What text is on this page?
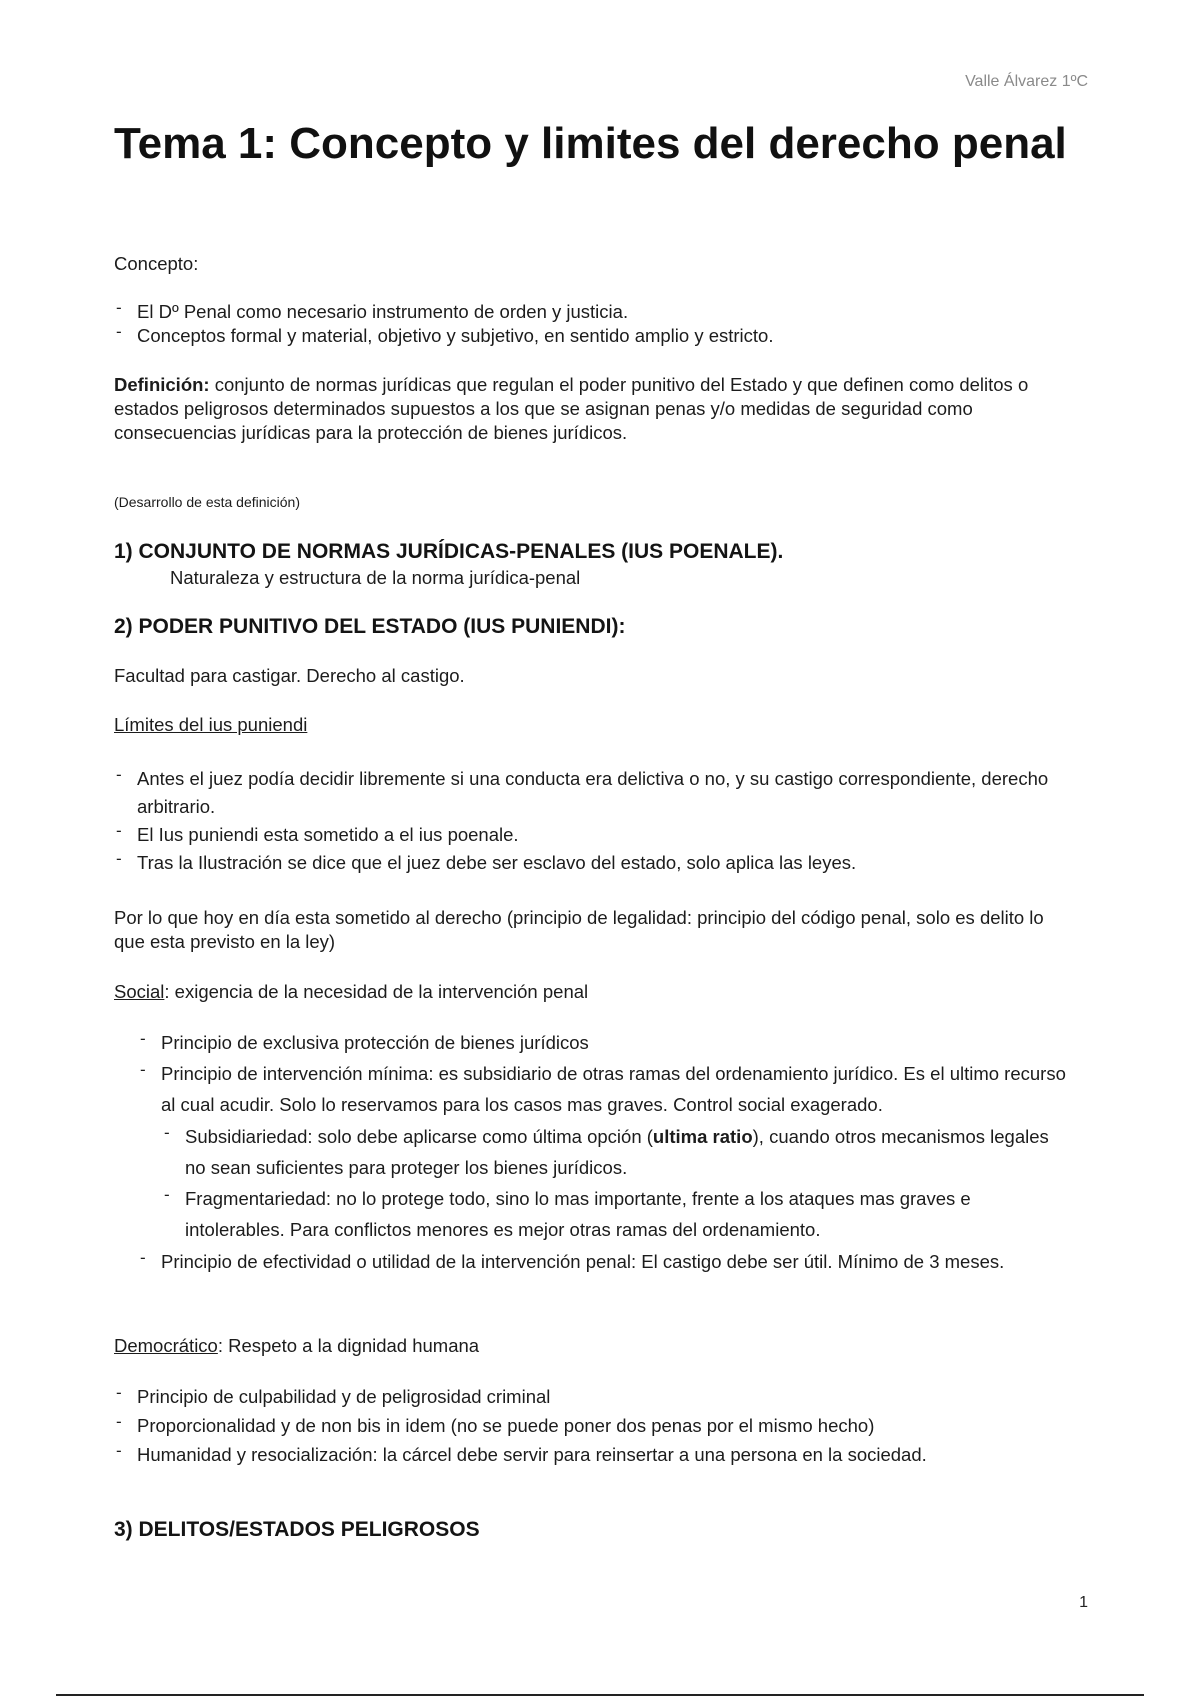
Valle Álvarez 1ºC
Tema 1: Concepto y limites del derecho penal
Concepto:
- El Dº Penal como necesario instrumento de orden y justicia.
- Conceptos formal y material, objetivo y subjetivo, en sentido amplio y estricto.

Definición: conjunto de normas jurídicas que regulan el poder punitivo del Estado y que definen como delitos o estados peligrosos determinados supuestos a los que se asignan penas y/o medidas de seguridad como consecuencias jurídicas para la protección de bienes jurídicos.

(Desarrollo de esta definición)
1) CONJUNTO DE NORMAS JURÍDICAS-PENALES (IUS POENALE).
Naturaleza y estructura de la norma jurídica-penal
2) PODER PUNITIVO DEL ESTADO (IUS PUNIENDI):
Facultad para castigar. Derecho al castigo.
Límites del ius puniendi
- Antes el juez podía decidir libremente si una conducta era delictiva o no, y su castigo correspondiente, derecho arbitrario.
- El Ius puniendi esta sometido a el ius poenale.
- Tras la Ilustración se dice que el juez debe ser esclavo del estado, solo aplica las leyes.

Por lo que hoy en día esta sometido al derecho (principio de legalidad: principio del código penal, solo es delito lo que esta previsto en la ley)

Social: exigencia de la necesidad de la intervención penal
- Principio de exclusiva protección de bienes jurídicos
- Principio de intervención mínima: es subsidiario de otras ramas del ordenamiento jurídico. Es el ultimo recurso al cual acudir. Solo lo reservamos para los casos mas graves. Control social exagerado.
- Subsidiariedad: solo debe aplicarse como última opción (ultima ratio), cuando otros mecanismos legales no sean suficientes para proteger los bienes jurídicos.
- Fragmentariedad: no lo protege todo, sino lo mas importante, frente a los ataques mas graves e intolerables. Para conflictos menores es mejor otras ramas del ordenamiento.
- Principio de efectividad o utilidad de la intervención penal: El castigo debe ser útil. Mínimo de 3 meses.
Democrático: Respeto a la dignidad humana
- Principio de culpabilidad y de peligrosidad criminal
- Proporcionalidad y de non bis in idem (no se puede poner dos penas por el mismo hecho)
- Humanidad y resocialización: la cárcel debe servir para reinsertar a una persona en la sociedad.
3) DELITOS/ESTADOS PELIGROSOS
1
